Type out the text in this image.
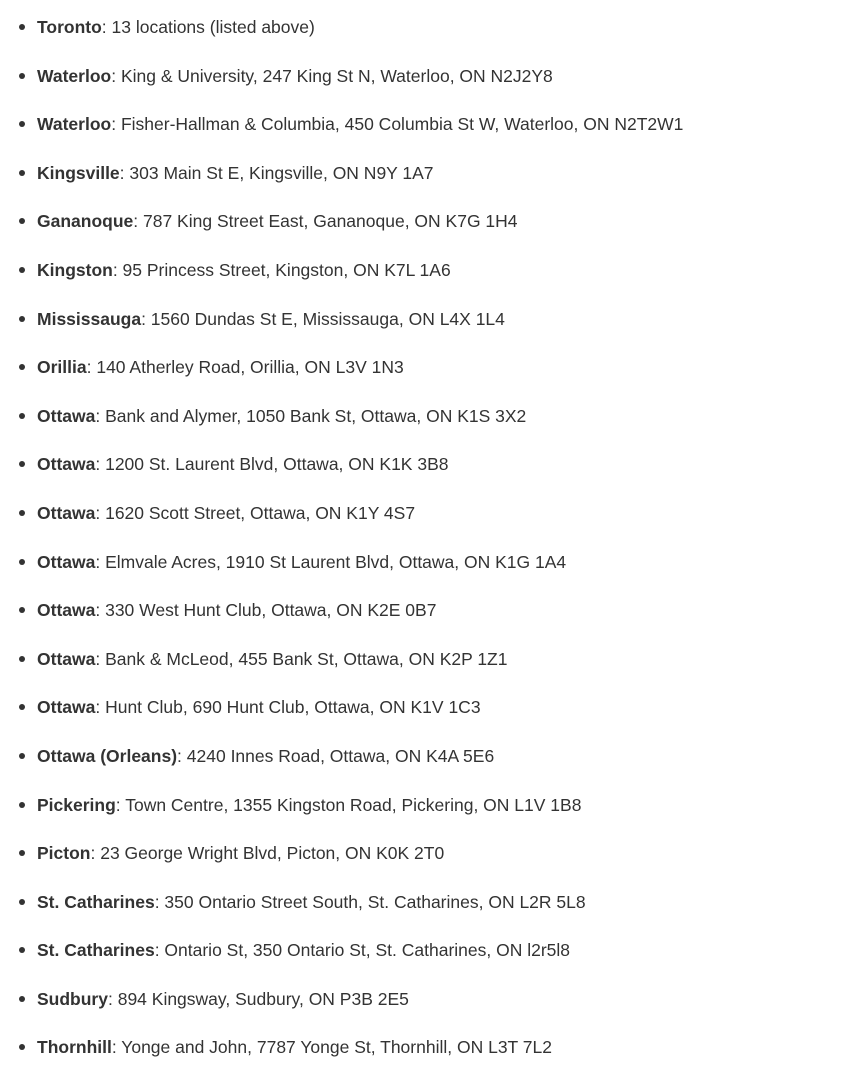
Toronto: 13 locations (listed above)
Waterloo: King & University, 247 King St N, Waterloo, ON N2J2Y8
Waterloo: Fisher-Hallman & Columbia, 450 Columbia St W, Waterloo, ON N2T2W1
Kingsville: 303 Main St E, Kingsville, ON N9Y 1A7
Gananoque: 787 King Street East, Gananoque, ON K7G 1H4
Kingston: 95 Princess Street, Kingston, ON K7L 1A6
Mississauga: 1560 Dundas St E, Mississauga, ON L4X 1L4
Orillia: 140 Atherley Road, Orillia, ON L3V 1N3
Ottawa: Bank and Alymer, 1050 Bank St, Ottawa, ON K1S 3X2
Ottawa: 1200 St. Laurent Blvd, Ottawa, ON K1K 3B8
Ottawa: 1620 Scott Street, Ottawa, ON K1Y 4S7
Ottawa: Elmvale Acres, 1910 St Laurent Blvd, Ottawa, ON K1G 1A4
Ottawa: 330 West Hunt Club, Ottawa, ON K2E 0B7
Ottawa: Bank & McLeod, 455 Bank St, Ottawa, ON K2P 1Z1
Ottawa: Hunt Club, 690 Hunt Club, Ottawa, ON K1V 1C3
Ottawa (Orleans): 4240 Innes Road, Ottawa, ON K4A 5E6
Pickering: Town Centre, 1355 Kingston Road, Pickering, ON L1V 1B8
Picton: 23 George Wright Blvd, Picton, ON K0K 2T0
St. Catharines: 350 Ontario Street South, St. Catharines, ON L2R 5L8
St. Catharines: Ontario St, 350 Ontario St, St. Catharines, ON l2r5l8
Sudbury: 894 Kingsway, Sudbury, ON P3B 2E5
Thornhill: Yonge and John, 7787 Yonge St, Thornhill, ON L3T 7L2
